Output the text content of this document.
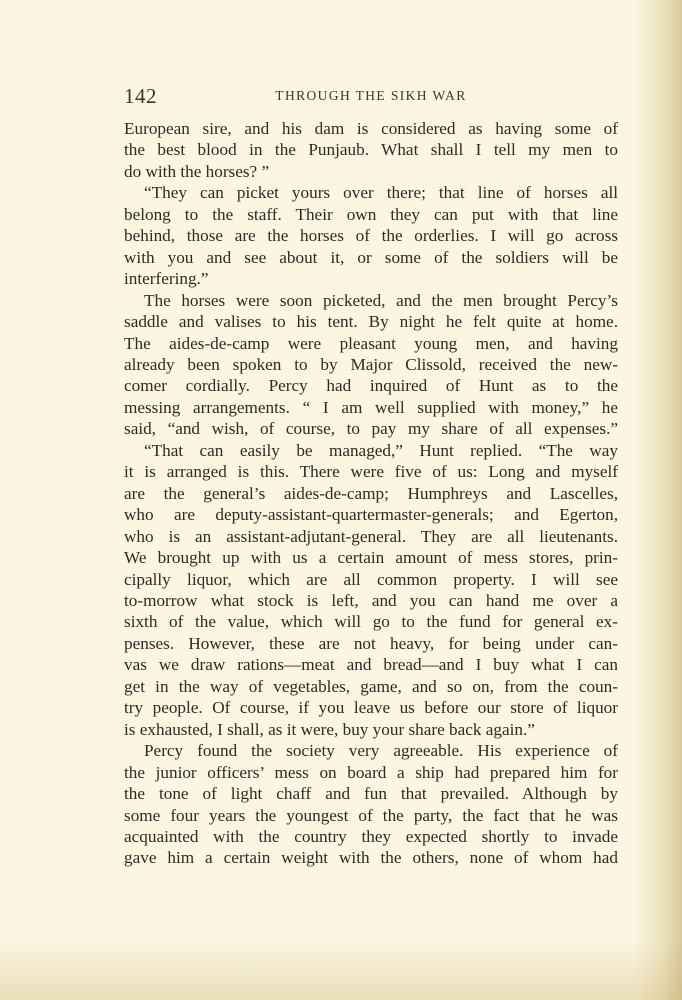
142	THROUGH THE SIKH WAR
European sire, and his dam is considered as having some of
the best blood in the Punjaub. What shall I tell my men to
do with the horses? ”
“They can picket yours over there; that line of horses all
belong to the staff. Their own they can put with that line
behind, those are the horses of the orderlies. I will go across
with you and see about it, or some of the soldiers will be
interfering.”
The horses were soon picketed, and the men brought Percy’s
saddle and valises to his tent. By night he felt quite at home.
The aides-de-camp were pleasant young men, and having
already been spoken to by Major Clissold, received the new-
comer cordially. Percy had inquired of Hunt as to the
messing arrangements. “ I am well supplied with money,” he
said, “and wish, of course, to pay my share of all expenses.”
“That can easily be managed,” Hunt replied. “The way
it is arranged is this. There were five of us: Long and myself
are the general’s aides-de-camp; Humphreys and Lascelles,
who are deputy-assistant-quartermaster-generals; and Egerton,
who is an assistant-adjutant-general. They are all lieutenants.
We brought up with us a certain amount of mess stores, prin-
cipally liquor, which are all common property. I will see
to-morrow what stock is left, and you can hand me over a
sixth of the value, which will go to the fund for general ex-
penses. However, these are not heavy, for being under can-
vas we draw rations—meat and bread—and I buy what I can
get in the way of vegetables, game, and so on, from the coun-
try people. Of course, if you leave us before our store of liquor
is exhausted, I shall, as it were, buy your share back again.”
Percy found the society very agreeable. His experience of
the junior officers’ mess on board a ship had prepared him for
the tone of light chaff and fun that prevailed. Although by
some four years the youngest of the party, the fact that he was
acquainted with the country they expected shortly to invade
gave him a certain weight with the others, none of whom had
